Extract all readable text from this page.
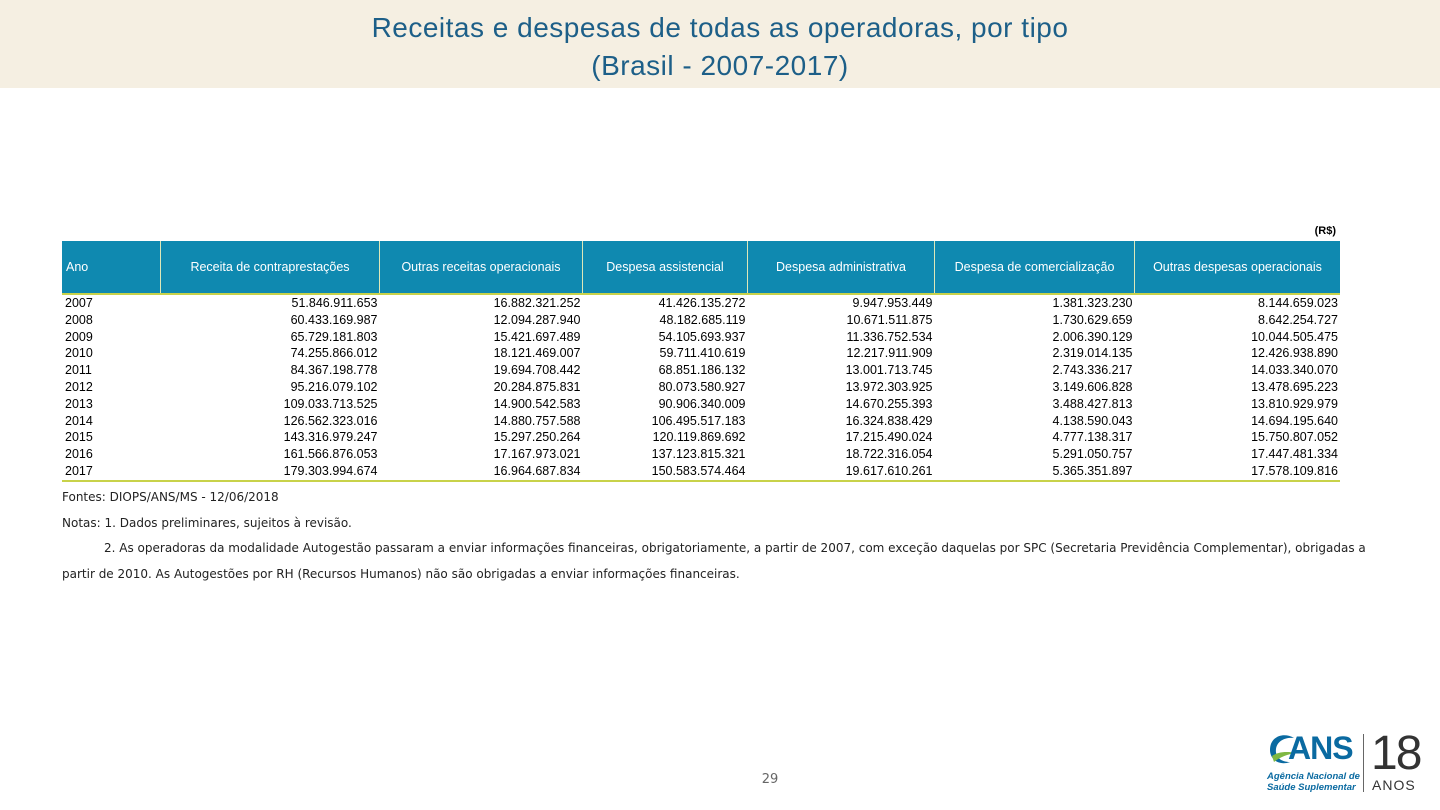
Receitas e despesas de todas as operadoras, por tipo
(Brasil - 2007-2017)
(R$)
Ano	Receita de contraprestações	Outras receitas operacionais	Despesa assistencial	Despesa administrativa	Despesa de comercialização	Outras despesas operacionais
2007	51.846.911.653	16.882.321.252	41.426.135.272	9.947.953.449	1.381.323.230	8.144.659.023
2008	60.433.169.987	12.094.287.940	48.182.685.119	10.671.511.875	1.730.629.659	8.642.254.727
2009	65.729.181.803	15.421.697.489	54.105.693.937	11.336.752.534	2.006.390.129	10.044.505.475
2010	74.255.866.012	18.121.469.007	59.711.410.619	12.217.911.909	2.319.014.135	12.426.938.890
2011	84.367.198.778	19.694.708.442	68.851.186.132	13.001.713.745	2.743.336.217	14.033.340.070
2012	95.216.079.102	20.284.875.831	80.073.580.927	13.972.303.925	3.149.606.828	13.478.695.223
2013	109.033.713.525	14.900.542.583	90.906.340.009	14.670.255.393	3.488.427.813	13.810.929.979
2014	126.562.323.016	14.880.757.588	106.495.517.183	16.324.838.429	4.138.590.043	14.694.195.640
2015	143.316.979.247	15.297.250.264	120.119.869.692	17.215.490.024	4.777.138.317	15.750.807.052
2016	161.566.876.053	17.167.973.021	137.123.815.321	18.722.316.054	5.291.050.757	17.447.481.334
2017	179.303.994.674	16.964.687.834	150.583.574.464	19.617.610.261	5.365.351.897	17.578.109.816
Fontes: DIOPS/ANS/MS - 12/06/2018
Notas: 1. Dados preliminares, sujeitos à revisão.
2. As operadoras da modalidade Autogestão passaram a enviar informações financeiras, obrigatoriamente, a partir de 2007, com exceção daquelas por SPC (Secretaria Previdência Complementar), obrigadas a
partir de 2010. As Autogestões por RH (Recursos Humanos) não são obrigadas a enviar informações financeiras.
29
ANS
Agência Nacional de
Saúde Suplementar
18
ANOS
